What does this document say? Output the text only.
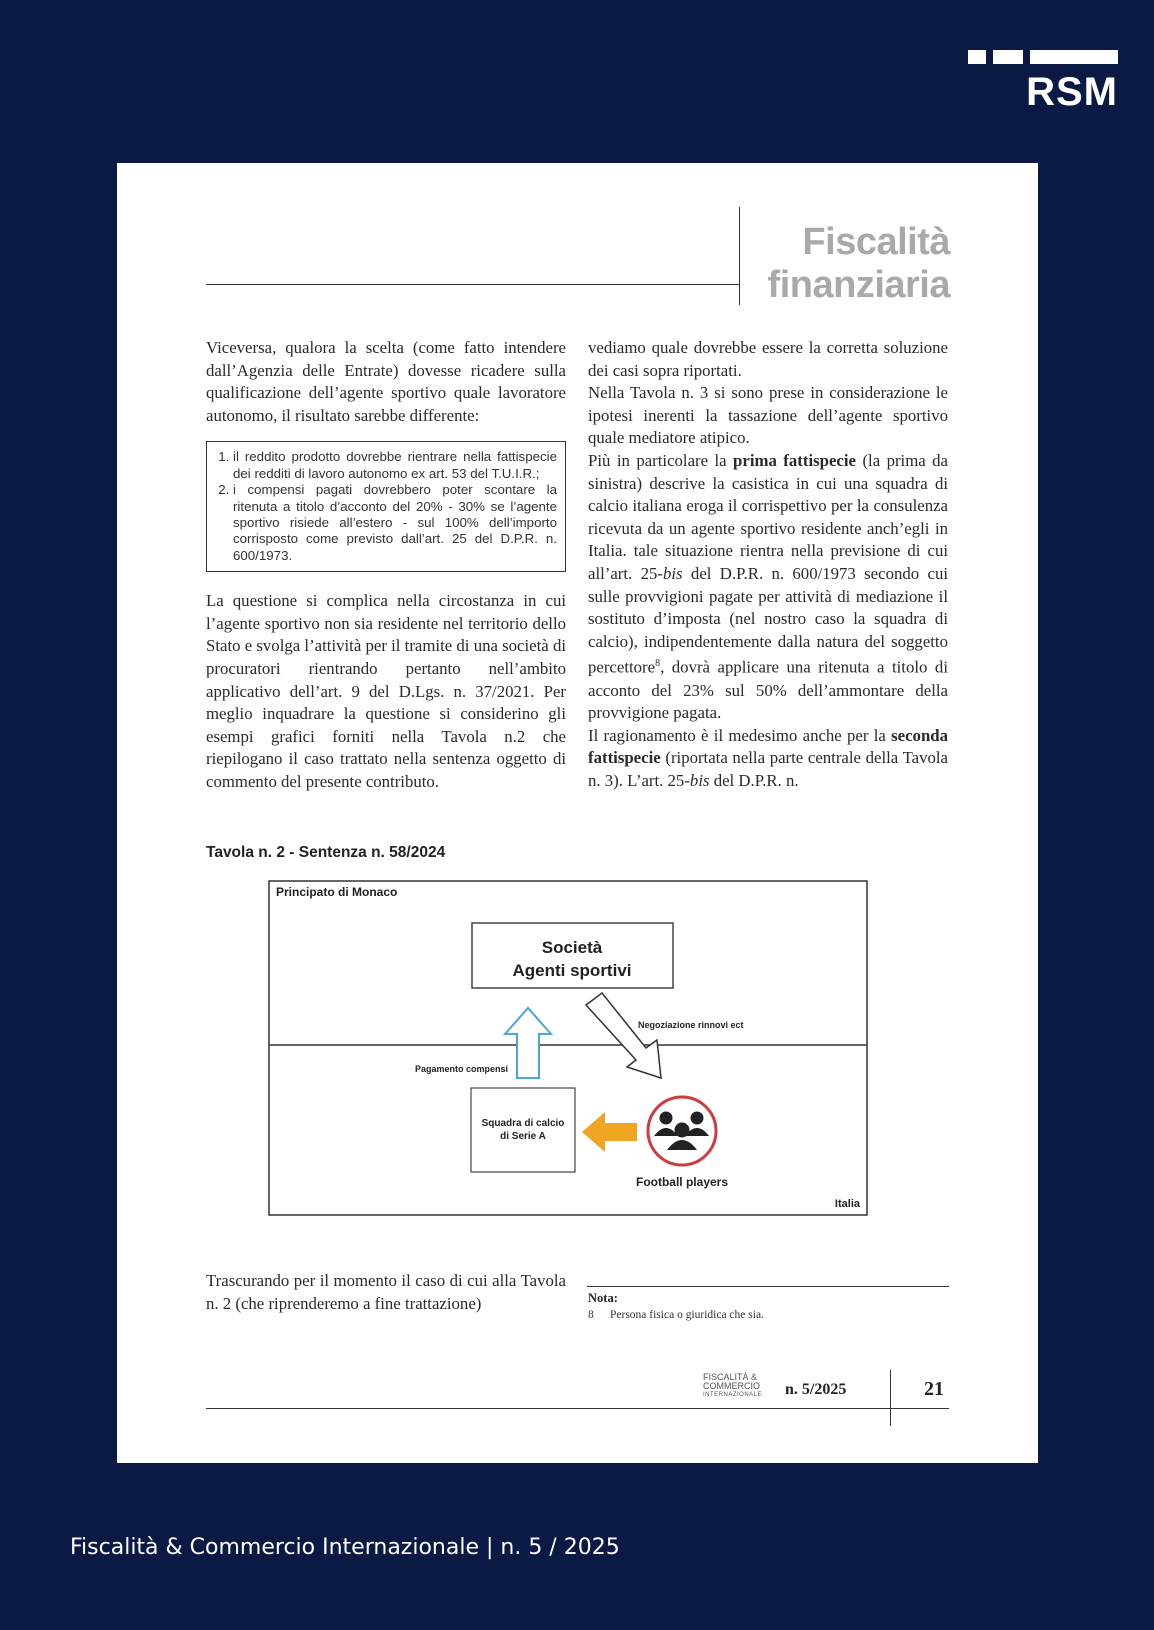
RSM
Fiscalità
finanziaria

Viceversa, qualora la scelta (come fatto intendere dall’Agenzia delle Entrate) dovesse ricadere sulla qualificazione dell’agente sportivo quale lavoratore autonomo, il risultato sarebbe differente:

1. il reddito prodotto dovrebbe rientrare nella fattispecie dei redditi di lavoro autonomo ex art. 53 del T.U.I.R.;
2. i compensi pagati dovrebbero poter scontare la ritenuta a titolo d’acconto del 20% - 30% se l’agente sportivo risiede all’estero - sul 100% dell’importo corrisposto come previsto dall’art. 25 del D.P.R. n. 600/1973.

La questione si complica nella circostanza in cui l’agente sportivo non sia residente nel territorio dello Stato e svolga l’attività per il tramite di una società di procuratori rientrando pertanto nell’ambito applicativo dell’art. 9 del D.Lgs. n. 37/2021. Per meglio inquadrare la questione si considerino gli esempi grafici forniti nella Tavola n.2 che riepilogano il caso trattato nella sentenza oggetto di commento del presente contributo.

vediamo quale dovrebbe essere la corretta soluzione dei casi sopra riportati.

Nella Tavola n. 3 si sono prese in considerazione le ipotesi inerenti la tassazione dell’agente sportivo quale mediatore atipico.

Più in particolare la prima fattispecie (la prima da sinistra) descrive la casistica in cui una squadra di calcio italiana eroga il corrispettivo per la consulenza ricevuta da un agente sportivo residente anch’egli in Italia. tale situazione rientra nella previsione di cui all’art. 25-bis del D.P.R. n. 600/1973 secondo cui sulle provvigioni pagate per attività di mediazione il sostituto d’imposta (nel nostro caso la squadra di calcio), indipendentemente dalla natura del soggetto percettore$^8$, dovrà applicare una ritenuta a titolo di acconto del 23% sul 50% dell’ammontare della provvigione pagata.

Il ragionamento è il medesimo anche per la seconda fattispecie (riportata nella parte centrale della Tavola n. 3). L’art. 25-bis del D.P.R. n.

Tavola n. 2 - Sentenza n. 58/2024
Principato di Monaco
Italia
Società
Agenti sportivi
Pagamento compensi
Negoziazione rinnovi ect
Squadra di calcio
di Serie A
Football players
Trascurando per il momento il caso di cui alla Tavola n. 2 (che riprenderemo a fine trattazione)	Nota:
8 Persona fisica o giuridica che sia.
FISCALITÀ &
COMMERCIO
INTERNAZIONALE n. 5/2025	21
Fiscalità & Commercio Internazionale | n. 5 / 2025
